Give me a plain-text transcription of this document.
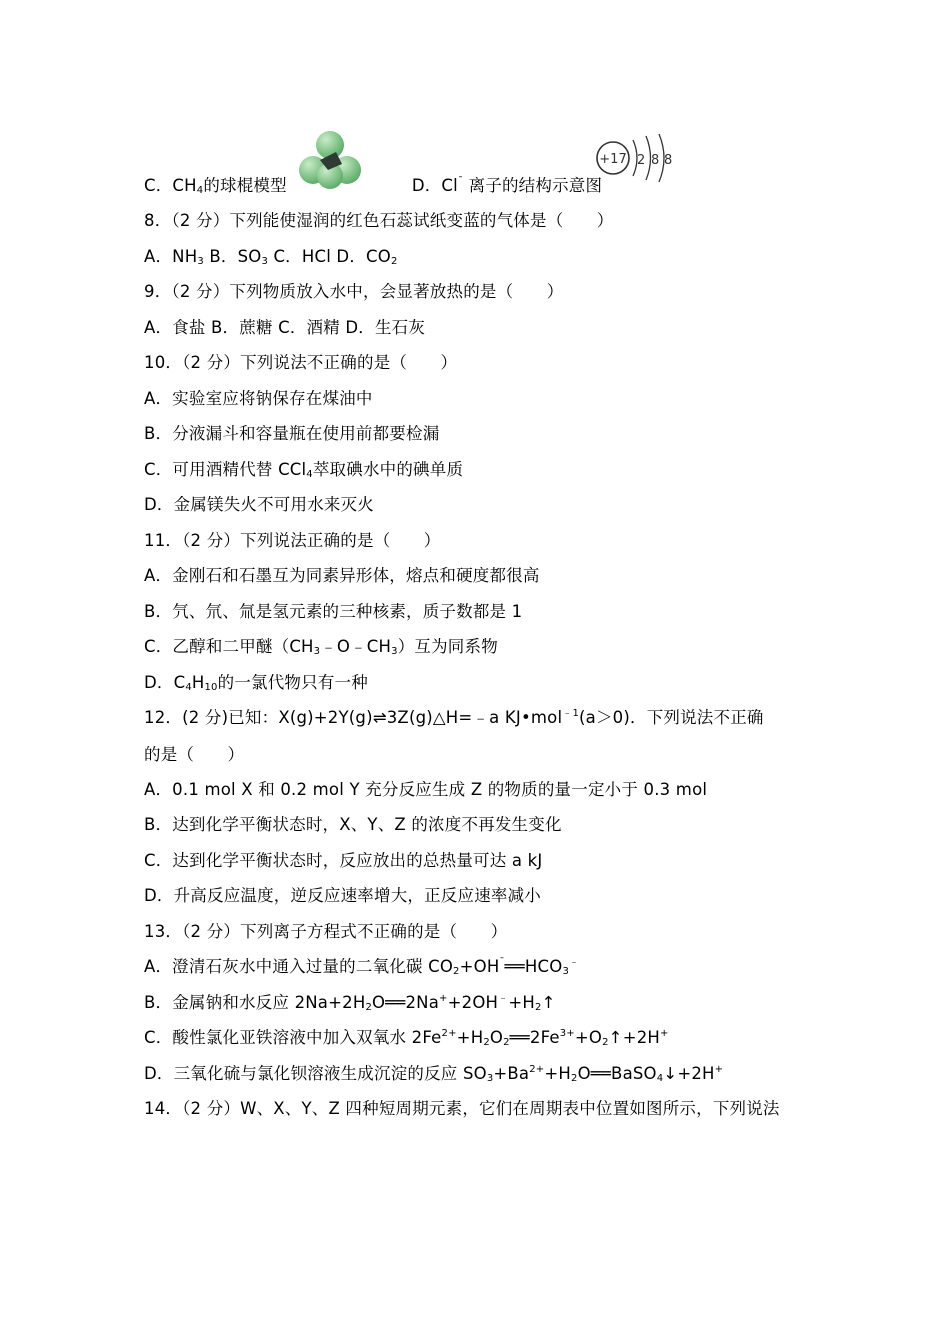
C．$CH_4$的球棍模型	D．Cl¯ 离子的结构示意图
+17 2 8 8
8．（2 分）下列能使湿润的红色石蕊试纸变蓝的气体是（　　）
A．$NH_3$ B．$SO_3$ C．HCl D．$CO_2$
9．（2 分）下列物质放入水中，会显著放热的是（　　）
A．食盐 B．蔗糖 C．酒精 D．生石灰
10．（2 分）下列说法不正确的是（　　）
A．实验室应将钠保存在煤油中
B．分液漏斗和容量瓶在使用前都要检漏
C．可用酒精代替 CCl$_4$萃取碘水中的碘单质
D．金属镁失火不可用水来灭火
11．（2 分）下列说法正确的是（　　）
A．金刚石和石墨互为同素异形体，熔点和硬度都很高
B．氕、氘、氚是氢元素的三种核素，质子数都是 1
C．乙醇和二甲醚$(CH_3﹣O﹣CH_3)$互为同系物
D．$C_4H_{10}$的一氯代物只有一种
12．(2 分)已知：X(g)+2Y(g)⇌3Z(g)△H=﹣a KJ•mol$^{﹣1}$(a＞0)．下列说法不正确
的是（　　）
A．0.1 mol X 和 0.2 mol Y 充分反应生成 Z 的物质的量一定小于 0.3 mol
B．达到化学平衡状态时，X、Y、Z 的浓度不再发生变化
C．达到化学平衡状态时，反应放出的总热量可达 a kJ
D．升高反应温度，逆反应速率增大，正反应速率减小
13．（2 分）下列离子方程式不正确的是（　　）
A．澄清石灰水中通入过量的二氧化碳 $CO_2+OH^¯══HCO_3^﹣$
B．金属钠和水反应 $2Na+2H_2O══2Na^++2OH^﹣+H_2↑$
C．酸性氯化亚铁溶液中加入双氧水 $2Fe^{2+}+H_2O_2══2Fe^{3+}+O_2↑+2H^+$
D．三氧化硫与氯化钡溶液生成沉淀的反应 $SO_3+Ba^{2+}+H_2O══BaSO_4↓+2H^+$
14．（2 分）W、X、Y、Z 四种短周期元素，它们在周期表中位置如图所示，下列说法
